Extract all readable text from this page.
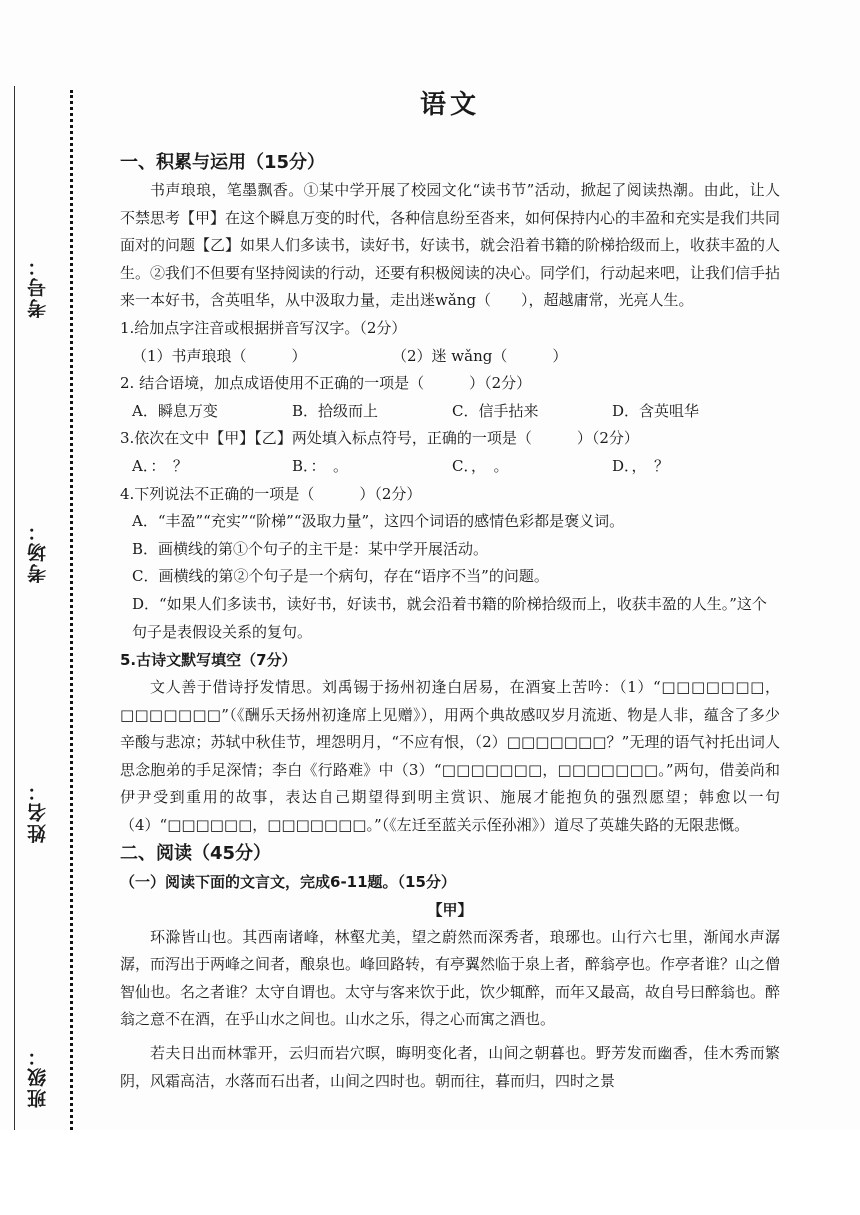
考号：
考场：
姓名：
班级：
语文

一、积累与运用（15分）

书声琅琅，笔墨飘香。①某中学开展了校园文化“读书节”活动，掀起了阅读热潮。由此，让人不禁思考【甲】在这个瞬息万变的时代，各种信息纷至沓来，如何保持内心的丰盈和充实是我们共同面对的问题【乙】如果人们多读书，读好书，好读书，就会沿着书籍的阶梯拾级而上，收获丰盈的人生。②我们不但要有坚持阅读的行动，还要有积极阅读的决心。同学们，行动起来吧，让我们信手拈来一本好书，含英咀华，从中汲取力量，走出迷wǎng（　　），超越庸常，光亮人生。

1.给加点字注音或根据拼音写汉字。（2分）

（1）书声琅琅（　　　）	（2）迷 wǎng（　　　）

2. 结合语境，加点成语使用不正确的一项是（　　　）（2分）

A．瞬息万变	B．拾级而上	C．信手拈来	D．含英咀华

3.依次在文中【甲】【乙】两处填入标点符号，正确的一项是（　　　）（2分）

A．：　？	B．：　。	C．，　。	D．，　？

4.下列说法不正确的一项是（　　　）（2分）

A．“丰盈”“充实”“阶梯”“汲取力量”，这四个词语的感情色彩都是褒义词。

B．画横线的第①个句子的主干是：某中学开展活动。

C．画横线的第②个句子是一个病句，存在“语序不当”的问题。

D．“如果人们多读书，读好书，好读书，就会沿着书籍的阶梯拾级而上，收获丰盈的人生。”这个句子是表假设关系的复句。

5.古诗文默写填空（7分）

文人善于借诗抒发情思。刘禹锡于扬州初逢白居易，在酒宴上苦吟：（1）“□□□□□□□，□□□□□□□”（《酬乐天扬州初逢席上见赠》），用两个典故感叹岁月流逝、物是人非，蕴含了多少辛酸与悲凉；苏轼中秋佳节，埋怨明月，“不应有恨，（2）□□□□□□□？”无理的语气衬托出词人思念胞弟的手足深情；李白《行路难》中（3）“□□□□□□□，□□□□□□□。”两句，借姜尚和伊尹受到重用的故事，表达自己期望得到明主赏识、施展才能抱负的强烈愿望；韩愈以一句（4）“□□□□□□，□□□□□□□。”（《左迁至蓝关示侄孙湘》）道尽了英雄失路的无限悲慨。

二、阅读（45分）

（一）阅读下面的文言文，完成6-11题。（15分）

【甲】

环滁皆山也。其西南诸峰，林壑尤美，望之蔚然而深秀者，琅琊也。山行六七里，渐闻水声潺潺，而泻出于两峰之间者，酿泉也。峰回路转，有亭翼然临于泉上者，醉翁亭也。作亭者谁？山之僧智仙也。名之者谁？太守自谓也。太守与客来饮于此，饮少辄醉，而年又最高，故自号曰醉翁也。醉翁之意不在酒，在乎山水之间也。山水之乐，得之心而寓之酒也。

若夫日出而林霏开，云归而岩穴暝，晦明变化者，山间之朝暮也。野芳发而幽香，佳木秀而繁阴，风霜高洁，水落而石出者，山间之四时也。朝而往，暮而归，四时之景
